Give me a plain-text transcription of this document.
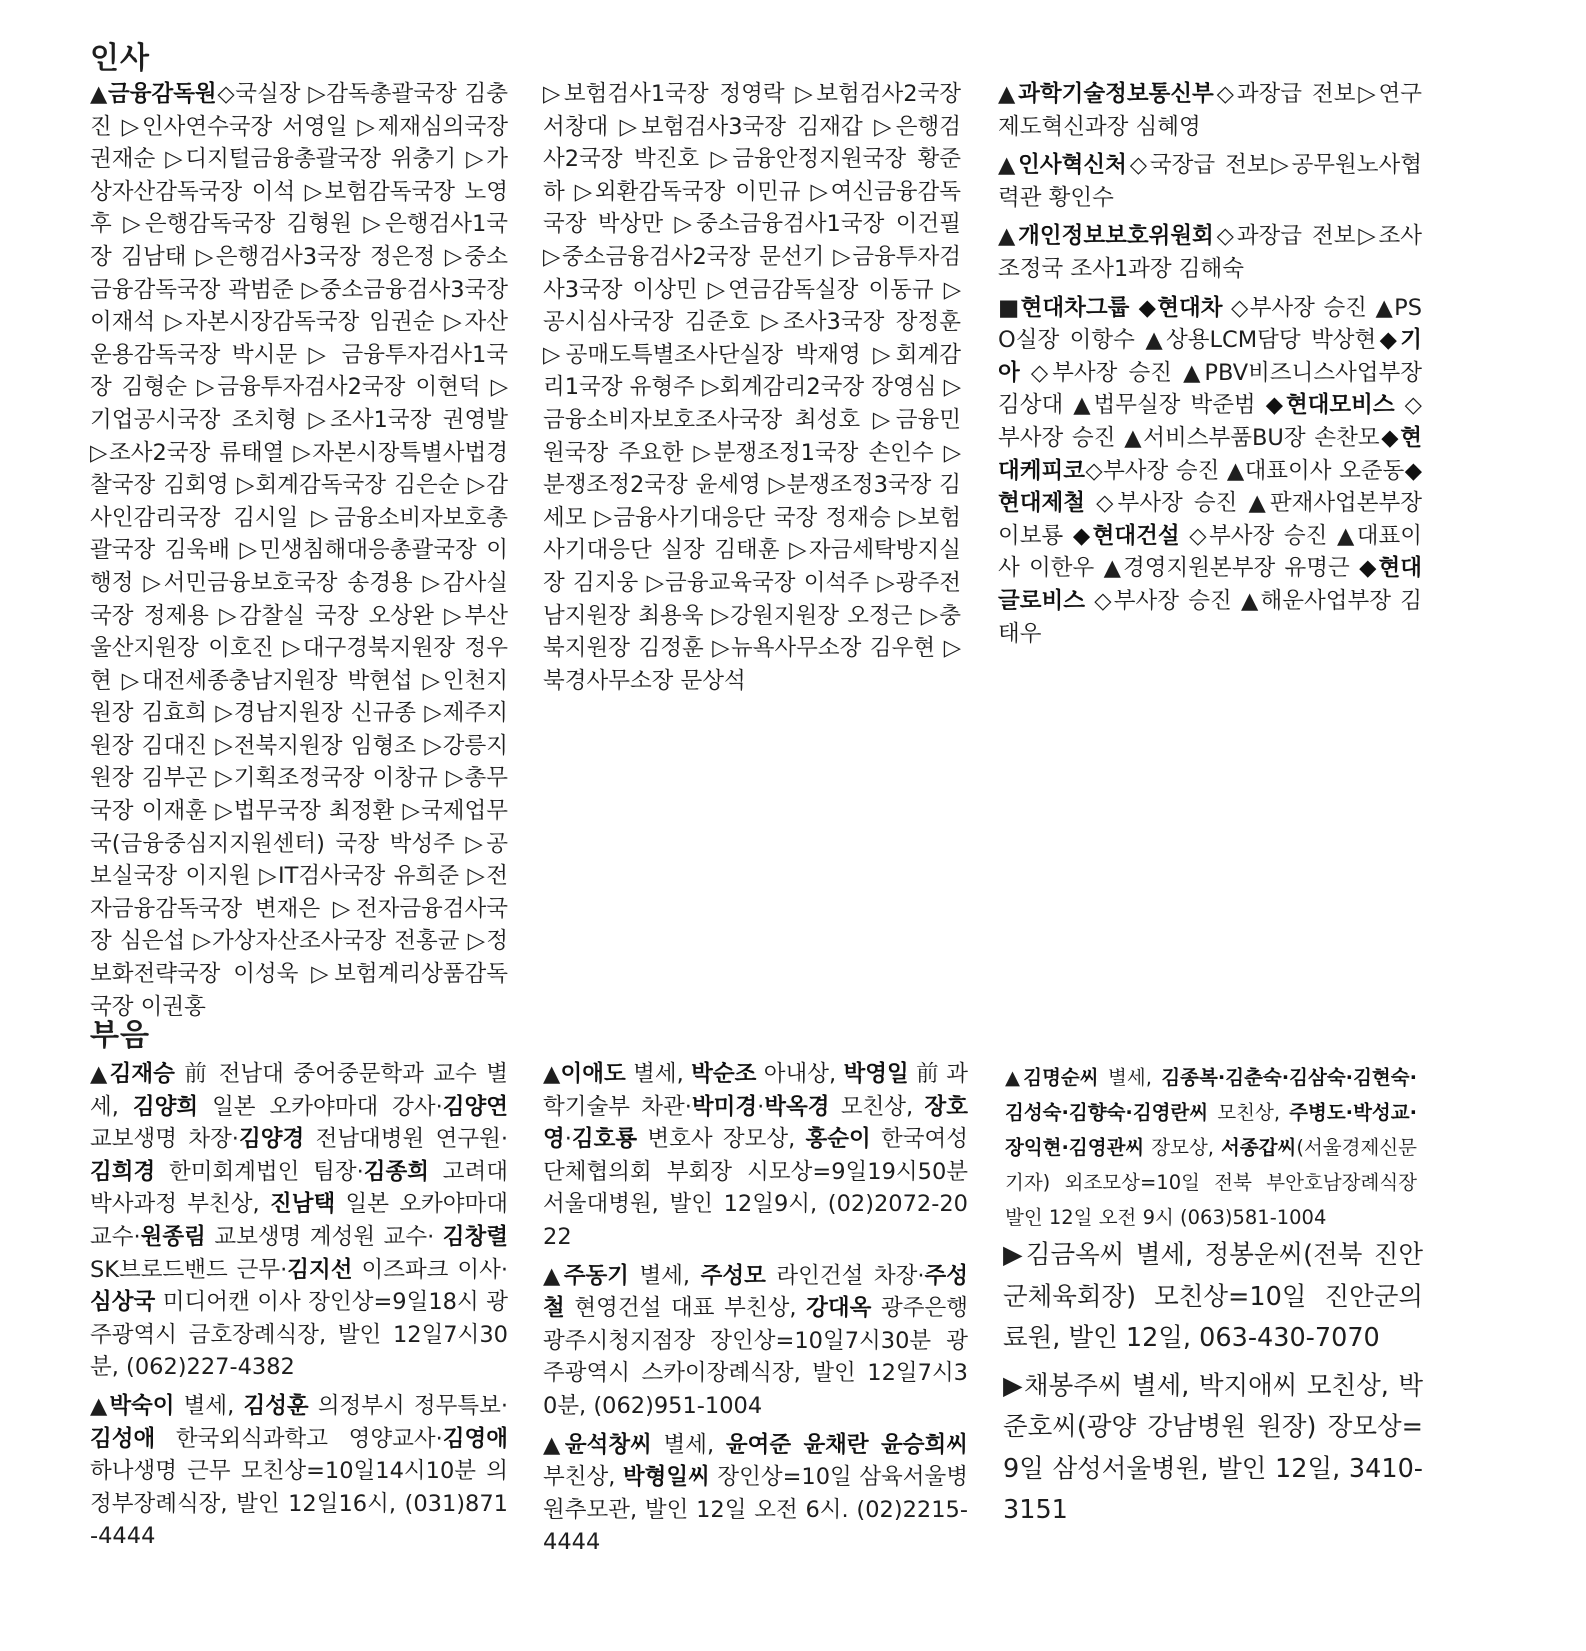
인사

▲금융감독원◇국실장 ▷감독총괄국장 김충진 ▷인사연수국장 서영일 ▷제재심의국장 권재순 ▷디지털금융총괄국장 위충기 ▷가상자산감독국장 이석 ▷보험감독국장 노영후 ▷은행감독국장 김형원 ▷은행검사1국장 김남태 ▷은행검사3국장 정은정 ▷중소금융감독국장 곽범준 ▷중소금융검사3국장 이재석 ▷자본시장감독국장 임권순 ▷자산운용감독국장 박시문 ▷ 금융투자검사1국장 김형순 ▷금융투자검사2국장 이현덕 ▷기업공시국장 조치형 ▷조사1국장 권영발 ▷조사2국장 류태열 ▷자본시장특별사법경찰국장 김회영 ▷회계감독국장 김은순 ▷감사인감리국장 김시일 ▷금융소비자보호총괄국장 김욱배 ▷민생침해대응총괄국장 이행정 ▷서민금융보호국장 송경용 ▷감사실 국장 정제용 ▷감찰실 국장 오상완 ▷부산울산지원장 이호진 ▷대구경북지원장 정우현 ▷대전세종충남지원장 박현섭 ▷인천지원장 김효희 ▷경남지원장 신규종 ▷제주지원장 김대진 ▷전북지원장 임형조 ▷강릉지원장 김부곤 ▷기획조정국장 이창규 ▷총무국장 이재훈 ▷법무국장 최정환 ▷국제업무국(금융중심지지원센터) 국장 박성주 ▷공보실국장 이지원 ▷IT검사국장 유희준 ▷전자금융감독국장 변재은 ▷전자금융검사국장 심은섭 ▷가상자산조사국장 전홍균 ▷정보화전략국장 이성욱 ▷보험계리상품감독국장 이권홍

▷보험검사1국장 정영락 ▷보험검사2국장 서창대 ▷보험검사3국장 김재갑 ▷은행검사2국장 박진호 ▷금융안정지원국장 황준하 ▷외환감독국장 이민규 ▷여신금융감독국장 박상만 ▷중소금융검사1국장 이건필 ▷중소금융검사2국장 문선기 ▷금융투자검사3국장 이상민 ▷연금감독실장 이동규 ▷공시심사국장 김준호 ▷조사3국장 장정훈 ▷공매도특별조사단실장 박재영 ▷회계감리1국장 유형주 ▷회계감리2국장 장영심 ▷금융소비자보호조사국장 최성호 ▷금융민원국장 주요한 ▷분쟁조정1국장 손인수 ▷분쟁조정2국장 윤세영 ▷분쟁조정3국장 김세모 ▷금융사기대응단 국장 정재승 ▷보험사기대응단 실장 김태훈 ▷자금세탁방지실장 김지웅 ▷금융교육국장 이석주 ▷광주전남지원장 최용욱 ▷강원지원장 오정근 ▷충북지원장 김정훈 ▷뉴욕사무소장 김우현 ▷북경사무소장 문상석

▲과학기술정보통신부◇과장급 전보▷연구제도혁신과장 심혜영

▲인사혁신처◇국장급 전보▷공무원노사협력관 황인수

▲개인정보보호위원회◇과장급 전보▷조사조정국 조사1과장 김해숙

■현대차그룹 ◆현대차 ◇부사장 승진 ▲PSO실장 이항수 ▲상용LCM담당 박상현◆기아 ◇부사장 승진 ▲PBV비즈니스사업부장 김상대 ▲법무실장 박준범 ◆현대모비스 ◇부사장 승진 ▲서비스부품BU장 손찬모◆현대케피코◇부사장 승진 ▲대표이사 오준동◆현대제철 ◇부사장 승진 ▲판재사업본부장 이보룡 ◆현대건설 ◇부사장 승진 ▲대표이사 이한우 ▲경영지원본부장 유명근 ◆현대글로비스 ◇부사장 승진 ▲해운사업부장 김태우

부음

▲김재승 前 전남대 중어중문학과 교수 별세, 김양희 일본 오카야마대 강사·김양연 교보생명 차장·김양경 전남대병원 연구원·김희경 한미회계법인 팀장·김종희 고려대 박사과정 부친상, 진남택 일본 오카야마대 교수·원종림 교보생명 계성원 교수· 김창렬 SK브로드밴드 근무·김지선 이즈파크 이사·심상국 미디어캔 이사 장인상=9일18시 광주광역시 금호장례식장, 발인 12일7시30분, (062)227-4382

▲박숙이 별세, 김성훈 의정부시 정무특보·김성애 한국외식과학고 영양교사·김영애 하나생명 근무 모친상=10일14시10분 의정부장례식장, 발인 12일16시, (031)871-4444

▲이애도 별세, 박순조 아내상, 박영일 前 과학기술부 차관·박미경·박옥경 모친상, 장호영·김호룡 변호사 장모상, 홍순이 한국여성단체협의회 부회장 시모상=9일19시50분 서울대병원, 발인 12일9시, (02)2072-2022

▲주동기 별세, 주성모 라인건설 차장·주성철 현영건설 대표 부친상, 강대옥 광주은행 광주시청지점장 장인상=10일7시30분 광주광역시 스카이장례식장, 발인 12일7시30분, (062)951-1004

▲윤석창씨 별세, 윤여준 윤채란 윤승희씨 부친상, 박형일씨 장인상=10일 삼육서울병원추모관, 발인 12일 오전 6시. (02)2215-4444

▲김명순씨 별세, 김종복·김춘숙·김삼숙·김현숙·김성숙·김향숙·김영란씨 모친상, 주병도·박성교·장익현·김영관씨 장모상, 서종갑씨(서울경제신문 기자) 외조모상=10일 전북 부안호남장례식장 발인 12일 오전 9시 (063)581-1004

▶김금옥씨 별세, 정봉운씨(전북 진안군체육회장) 모친상=10일 진안군의료원, 발인 12일, 063-430-7070

▶채봉주씨 별세, 박지애씨 모친상, 박준호씨(광양 강남병원 원장) 장모상=9일 삼성서울병원, 발인 12일, 3410-3151
